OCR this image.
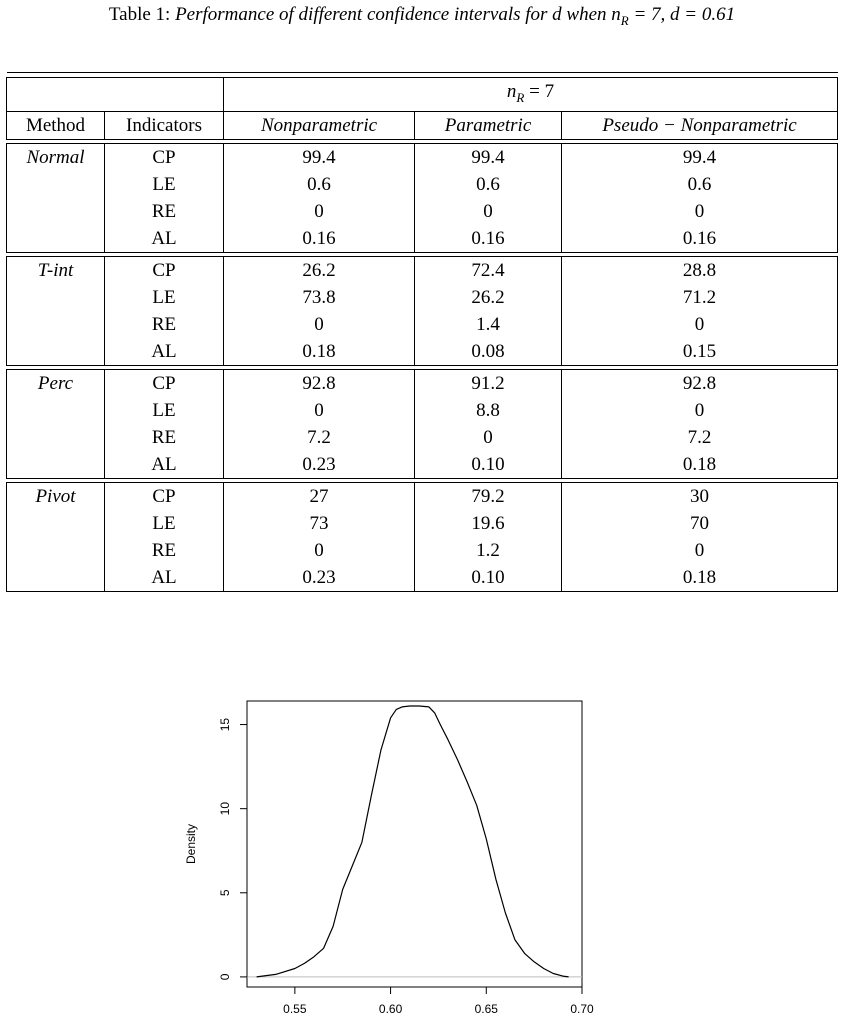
Table 1: Performance of different confidence intervals for d when $n_R = 7$, d = 0.61

		$n_R = 7$		
Method	Indicators	Nonparametric	Parametric	Pseudo − Nonparametric

Normal	CP	99.4	99.4	99.4
	LE	0.6	0.6	0.6
	RE	0	0	0
	AL	0.16	0.16	0.16

T-int	CP	26.2	72.4	28.8
	LE	73.8	26.2	71.2
	RE	0	1.4	0
	AL	0.18	0.08	0.15

Perc	CP	92.8	91.2	92.8
	LE	0	8.8	0
	RE	7.2	0	7.2
	AL	0.23	0.10	0.18

Pivot	CP	27	79.2	30
	LE	73	19.6	70
	RE	0	1.2	0
	AL	0.23	0.10	0.18
0.55	0.60	0.65	0.70
0
5
10
15
Density
